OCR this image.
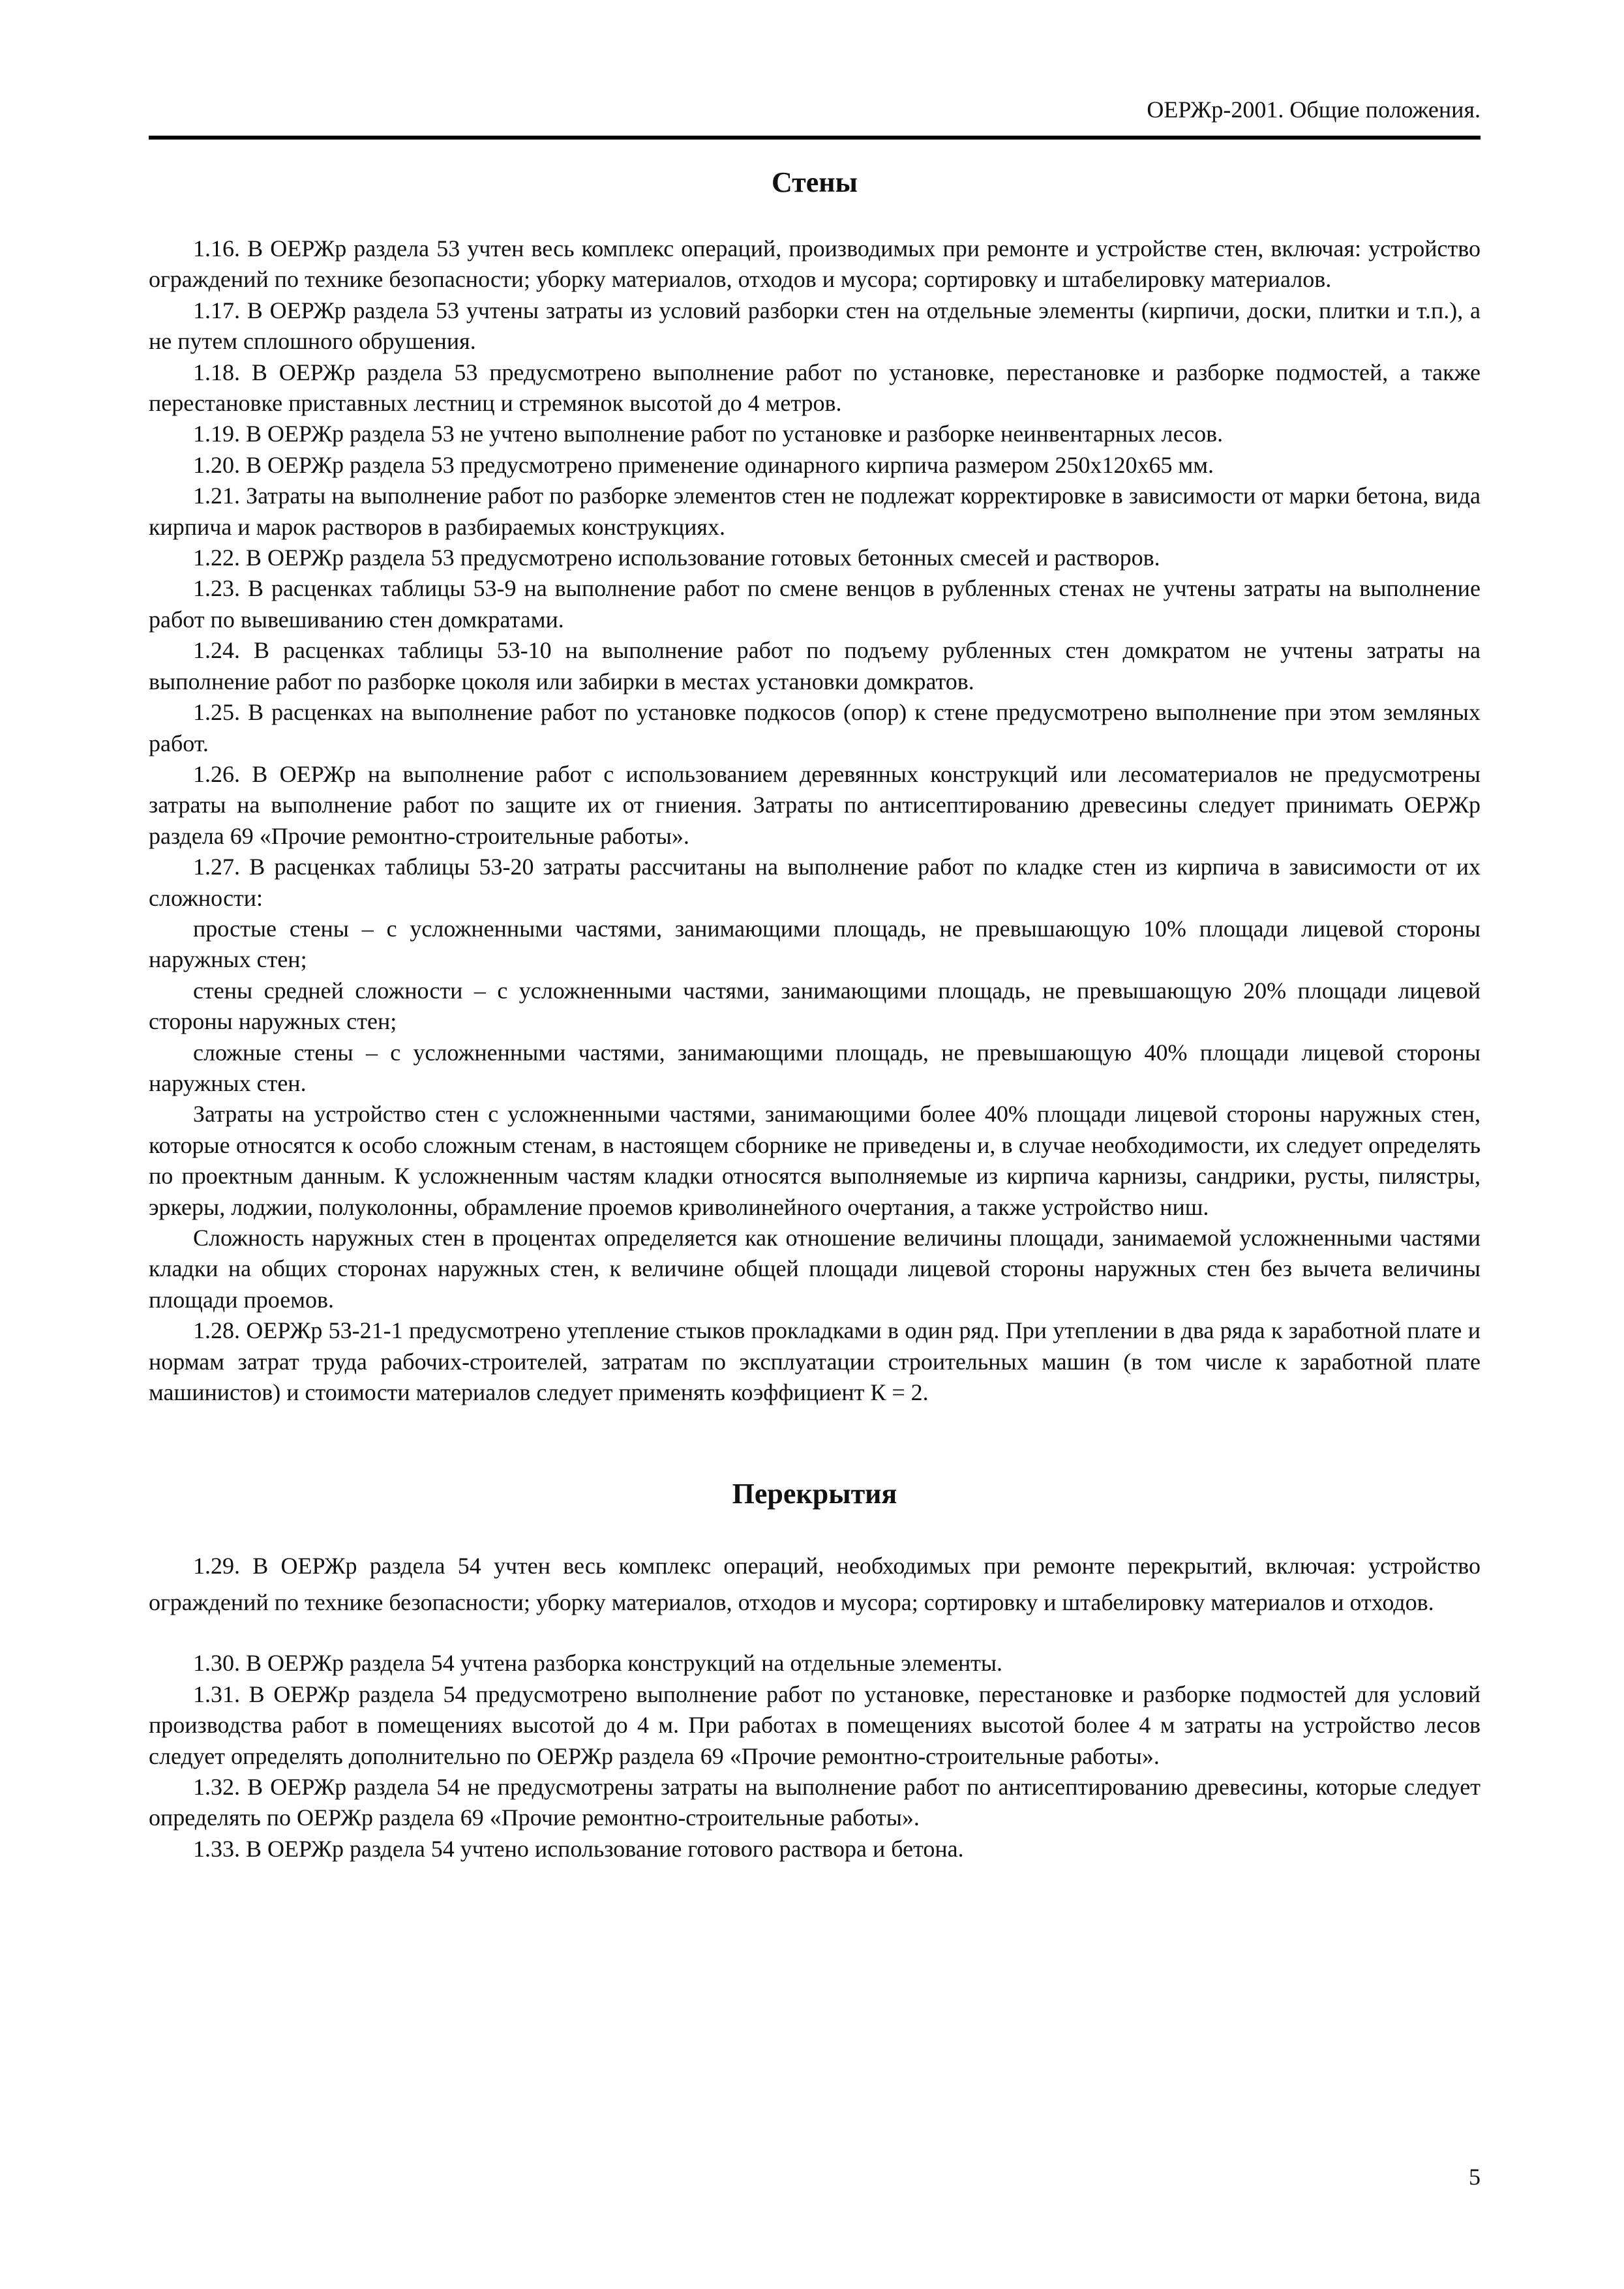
ОЕРЖр-2001. Общие положения.
Стены

1.16. В ОЕРЖр раздела 53 учтен весь комплекс операций, производимых при ремонте и устройстве стен, включая: устройство ограждений по технике безопасности; уборку материалов, отходов и мусора; сортировку и штабелировку материалов.

1.17. В ОЕРЖр раздела 53 учтены затраты из условий разборки стен на отдельные элементы (кирпичи, доски, плитки и т.п.), а не путем сплошного обрушения.

1.18. В ОЕРЖр раздела 53 предусмотрено выполнение работ по установке, перестановке и разборке подмостей, а также перестановке приставных лестниц и стремянок высотой до 4 метров.

1.19. В ОЕРЖр раздела 53 не учтено выполнение работ по установке и разборке неинвентарных лесов.

1.20. В ОЕРЖр раздела 53 предусмотрено применение одинарного кирпича размером 250х120х65 мм.

1.21. Затраты на выполнение работ по разборке элементов стен не подлежат корректировке в зависимости от марки бетона, вида кирпича и марок растворов в разбираемых конструкциях.

1.22. В ОЕРЖр раздела 53 предусмотрено использование готовых бетонных смесей и растворов.

1.23. В расценках таблицы 53-9 на выполнение работ по смене венцов в рубленных стенах не учтены затраты на выполнение работ по вывешиванию стен домкратами.

1.24. В расценках таблицы 53-10 на выполнение работ по подъему рубленных стен домкратом не учтены затраты на выполнение работ по разборке цоколя или забирки в местах установки домкратов.

1.25. В расценках на выполнение работ по установке подкосов (опор) к стене предусмотрено выполнение при этом земляных работ.

1.26. В ОЕРЖр на выполнение работ с использованием деревянных конструкций или лесоматериалов не предусмотрены затраты на выполнение работ по защите их от гниения. Затраты по антисептированию древесины следует принимать ОЕРЖр раздела 69 «Прочие ремонтно-строительные работы».

1.27. В расценках таблицы 53-20 затраты рассчитаны на выполнение работ по кладке стен из кирпича в зависимости от их сложности:

простые стены – с усложненными частями, занимающими площадь, не превышающую 10% площади лицевой стороны наружных стен;

стены средней сложности – с усложненными частями, занимающими площадь, не превышающую 20% площади лицевой стороны наружных стен;

сложные стены – с усложненными частями, занимающими площадь, не превышающую 40% площади лицевой стороны наружных стен.

Затраты на устройство стен с усложненными частями, занимающими более 40% площади лицевой стороны наружных стен, которые относятся к особо сложным стенам, в настоящем сборнике не приведены и, в случае необходимости, их следует определять по проектным данным. К усложненным частям кладки относятся выполняемые из кирпича карнизы, сандрики, русты, пилястры, эркеры, лоджии, полуколонны, обрамление проемов криволинейного очертания, а также устройство ниш.

Сложность наружных стен в процентах определяется как отношение величины площади, занимаемой усложненными частями кладки на общих сторонах наружных стен, к величине общей площади лицевой стороны наружных стен без вычета величины площади проемов.

1.28. ОЕРЖр 53-21-1 предусмотрено утепление стыков прокладками в один ряд. При утеплении в два ряда к заработной плате и нормам затрат труда рабочих-строителей, затратам по эксплуатации строительных машин (в том числе к заработной плате машинистов) и стоимости материалов следует применять коэффициент К = 2.

Перекрытия

1.29. В ОЕРЖр раздела 54 учтен весь комплекс операций, необходимых при ремонте перекрытий, включая: устройство ограждений по технике безопасности; уборку материалов, отходов и мусора; сортировку и штабелировку материалов и отходов.

1.30. В ОЕРЖр раздела 54 учтена разборка конструкций на отдельные элементы.

1.31. В ОЕРЖр раздела 54 предусмотрено выполнение работ по установке, перестановке и разборке подмостей для условий производства работ в помещениях высотой до 4 м. При работах в помещениях высотой более 4 м затраты на устройство лесов следует определять дополнительно по ОЕРЖр раздела 69 «Прочие ремонтно-строительные работы».

1.32. В ОЕРЖр раздела 54 не предусмотрены затраты на выполнение работ по антисептированию древесины, которые следует определять по ОЕРЖр раздела 69 «Прочие ремонтно-строительные работы».

1.33. В ОЕРЖр раздела 54 учтено использование готового раствора и бетона.

5
